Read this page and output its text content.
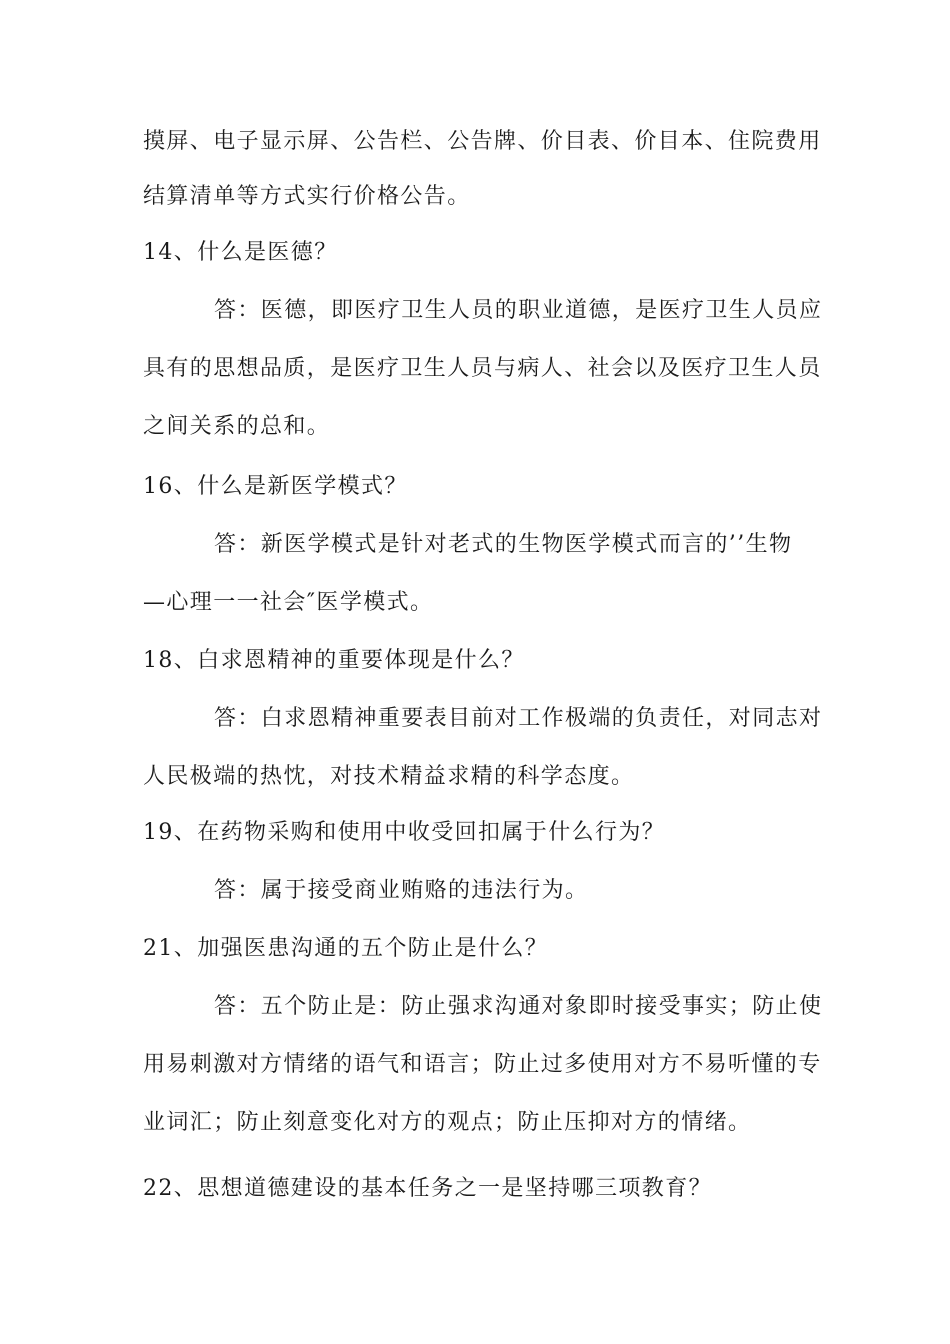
摸屏、电子显示屏、公告栏、公告牌、价目表、价目本、住院费用
结算清单等方式实行价格公告。
14、什么是医德？
答：医德，即医疗卫生人员的职业道德，是医疗卫生人员应
具有的思想品质，是医疗卫生人员与病人、社会以及医疗卫生人员
之间关系的总和。
16、什么是新医学模式？
答：新医学模式是针对老式的生物医学模式而言的’’生物
—心理一一社会″医学模式。
18、白求恩精神的重要体现是什么？
答：白求恩精神重要表目前对工作极端的负责任，对同志对
人民极端的热忱，对技术精益求精的科学态度。
19、在药物采购和使用中收受回扣属于什么行为？
答：属于接受商业贿赂的违法行为。
21、加强医患沟通的五个防止是什么？
答：五个防止是：防止强求沟通对象即时接受事实；防止使
用易刺激对方情绪的语气和语言；防止过多使用对方不易听懂的专
业词汇；防止刻意变化对方的观点；防止压抑对方的情绪。
22、思想道德建设的基本任务之一是坚持哪三项教育？
